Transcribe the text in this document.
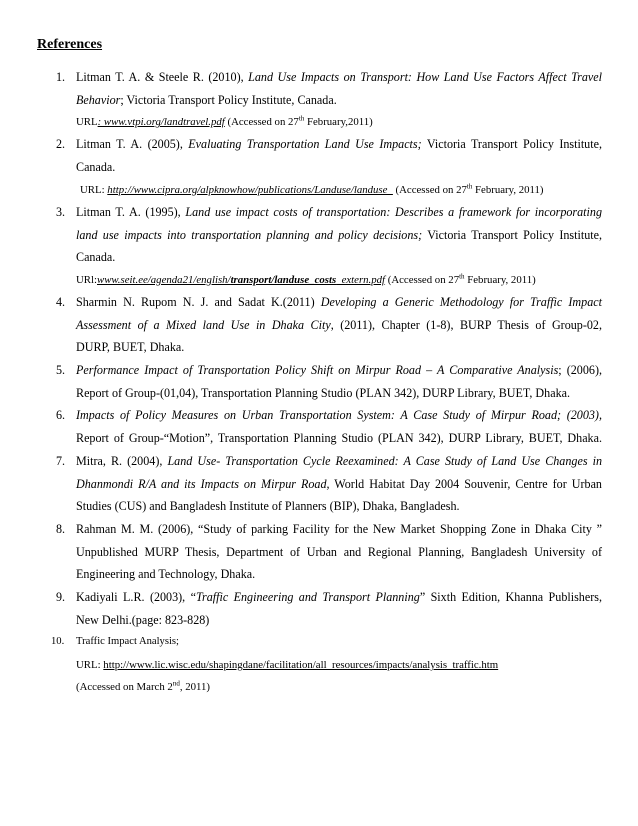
References
1. Litman T. A. & Steele R. (2010), Land Use Impacts on Transport: How Land Use Factors Affect Travel
Behavior; Victoria Transport Policy Institute, Canada.
URL: www.vtpi.org/landtravel.pdf (Accessed on 27th February,2011)
2. Litman T. A. (2005), Evaluating Transportation Land Use Impacts; Victoria Transport Policy Institute,
Canada.
URL: http://www.cipra.org/alpknowhow/publications/Landuse/landuse_ (Accessed on 27th February, 2011)
3. Litman T. A. (1995), Land use impact costs of transportation: Describes a framework for incorporating
land use impacts into transportation planning and policy decisions; Victoria Transport Policy Institute,
Canada.
URl:www.seit.ee/agenda21/english/transport/landuse_costs_extern.pdf (Accessed on 27th February, 2011)
4. Sharmin N. Rupom N. J. and Sadat K.(2011) Developing a Generic Methodology for Traffic Impact
Assessment of a Mixed land Use in Dhaka City, (2011), Chapter (1-8), BURP Thesis of Group-02,
DURP, BUET, Dhaka.
5. Performance Impact of Transportation Policy Shift on Mirpur Road – A Comparative Analysis; (2006),
Report of Group-(01,04), Transportation Planning Studio (PLAN 342), DURP Library, BUET, Dhaka.
6. Impacts of Policy Measures on Urban Transportation System: A Case Study of Mirpur Road; (2003),
Report of Group-“Motion”, Transportation Planning Studio (PLAN 342), DURP Library, BUET, Dhaka.
7. Mitra, R. (2004), Land Use- Transportation Cycle Reexamined: A Case Study of Land Use Changes in
Dhanmondi R/A and its Impacts on Mirpur Road, World Habitat Day 2004 Souvenir, Centre for Urban
Studies (CUS) and Bangladesh Institute of Planners (BIP), Dhaka, Bangladesh.
8. Rahman M. M. (2006), “Study of parking Facility for the New Market Shopping Zone in Dhaka City ”
Unpublished MURP Thesis, Department of Urban and Regional Planning, Bangladesh University of
Engineering and Technology, Dhaka.
9. Kadiyali L.R. (2003), “Traffic Engineering and Transport Planning” Sixth Edition, Khanna Publishers,
New Delhi.(page: 823-828)
10. Traffic Impact Analysis;
URL: http://www.lic.wisc.edu/shapingdane/facilitation/all_resources/impacts/analysis_traffic.htm
(Accessed on March 2nd, 2011)
